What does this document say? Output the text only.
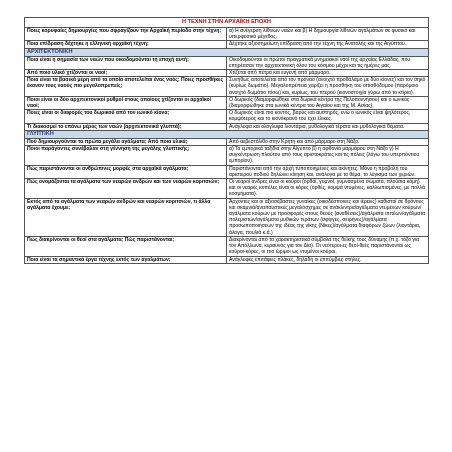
Η ΤΕΧΝΗ ΣΤΗΝ ΑΡΧΑΪΚΗ ΕΠΟΧΗ	
Ποιες κορυφαίες δημιουργίες που σφραγίζουν την Αρχαϊκή περίοδο στην τέχνη;	α) Η ανέγερση λίθινων ναών και β) Η δημιουργία λίθινων αγαλμάτων σε φυσικό και υπερφυσικό μέγεθος.
Ποια επίδραση δέχτηκε η ελληνική αρχαϊκή τέχνη;	Δέχτηκε αξιοσημείωτη επίδραση από την τέχνη της Ανατολής και της Αιγύπτου.
ΑΡΧΙΤΕΚΤΟΝΙΚΗ	
Ποια είναι η σημασία των ναών που οικοδομούνται τη εποχή αυτή;	Οικοδομούνται οι πρώτοι πραγματικά μνημειακοί ναοί της αρχαίας Ελλάδας, που επηρέασαν την αρχιτεκτονική όλου του κόσμου μέχρι και τις ημέρες μας.
Από ποιο υλικό χτίζονται οι ναοί;	Χτίζεται από πέτρα και ευγενή από μάρμαρο.
Ποια είναι τα βασικά μέρη από τα οποία αποτελείται ένας ναός; Ποιες προσθήκες έκαναν τους ναούς πιο μεγαλοπρεπείς;	Συνήθως αποτελείται από τον πρόναο (ανοιχτό προθάλαμο με δύο κίονες) και τον σηκό (κυρίως δωμάτιο). Μεγαλοπρέπεια χαρίζει η προσθήκη του οπισθόδομου (παρόμοιο ανοιχτό δωμάτιο πίσω) και, κυρίως, του πτερού (κιονοστοιχία γύρω από το κτίριο).
Ποιοι είναι οι δύο αρχιτεκτονικοί ρυθμοί στους οποίους χτίζονται οι αρχαϊκοί ναοί;	Ο δωρικός (διαμορφώθηκε στα δωρικά κέντρα της Πελοποννήσου) και ο ιωνικός (διαμορφώθηκε στα ιωνικά κέντρα του Αιγαίου και της Μ. Ασίας).
Ποιες είναι οι διαφορές του δωρικού από τον ιωνικό κίονα;	Ο δωρικός είναι πιο κοντός, βαρύς και αυστηρός, ενώ ο ιωνικός είναι ψηλότερος, κομψότερος και το κιονόκρανό του έχει έλικες.
Τι διακοσμεί το επάνω μέρος των ναών (αρχιτεκτονικά γλυπτά);	Ανάγλυφα και ολόγλυφα λιοντάρια, μυθολογικά τέρατα και μυθολογικά θέματα.
ΓΛΥΠΤΙΚΗ	
Πού δημιουργούνται τα πρώτα μεγάλα αγάλματα; Από ποια υλικά;	Από αεβεστόλιθο στην Κρήτη και από μάρμαρο στη Νάξο.
Ποιοι παράγοντες συνέβαλαν στη γέννηση της μεγάλης γλυπτικής;	α) Τα εμπορικά ταξίδια στην Αίγυπτο β) η αφθονία μαρμάρου στη Νάξο γ) Η συγκέντρωση πλούτου από τους αριστοκράτες και τις πόλεις (λόγω του υπερπόντιου εμπορίου).
Πώς παριστάνονται οι ανθρώπινες μορφές στα αρχαϊκά αγάλματα;	Παριστάνονται από την αρχή τυποποιημένες και ακίνητες. Μόνο η προβολή του αριστερού ποδιού δηλώνει κίνηση και, ανάλογα με το θέμα, το λύγισμα των χεριών.
Πώς ονομάζονται τα αγάλματα των νεαρών ανδρών και των νεαρών κοριτσιών;	Οι νεαροί άνδρες είναι οι κούροι (ορθοί, γυμνοί, γυμνασμένα σώματα, πλούσια κόμη) και οι νεαρές κοπέλες είναι οι κόρες (ορθές, κομψά ντυμένες, καλλωπισμένες, με πολλά κοσμήματα).
Εκτός από τα αγάλματα των νεαρών ανδρών και νεαρών κοριτσιών, τι άλλα αγάλματα έχουμε;	Άρχοντες και οι αξιοσέβαστες γυναίκες (οικοδέσποινες και ιέρειες) καθιστοί σε θρόνους και σκαμνιά/αναπαυστικές μεγαλόσχημες σε ανάκλιντρα/αγάλματα ντυμένων κούρων/αγάλματα κούρων με προσφορές στους θεούς (αναθέσεις)/αγάλματα ιππέων/αγάλματα πολεμιστών/αγάλματα μυθικών τεράτων (σφίγγες, σειρήνες)/αγάλματα προσωποποιήσεων της ιδέας της νίκης (Νίκες)/αγάλματα διαφόρων ζώων (λιοντάρια, άλογα, πουλιά κ.ά.)
Πώς διακρίνονται οι θεοί στα αγάλματα; Πώς παριστάνονται;	Διακρίνονται από τα χαρακτηριστικά σύμβολα της θεϊκής τους δύναμης (π.χ. τόξο για τον Απόλλωνα, κεραυνός για τον Δία). Οι νεότεροι-ες θεοί-θεές παριστάνονται ως κούροι-κόρες, οι πιο ώριμοι ως ντυμένοι κούροι.
Ποια είναι τα σημαντικά έργα τέχνης εκτός των αγαλμάτων;	Ανάγλυφες επιτάφιες πλάκες, δηλαδή οι επιτύμβιες στήλες.
